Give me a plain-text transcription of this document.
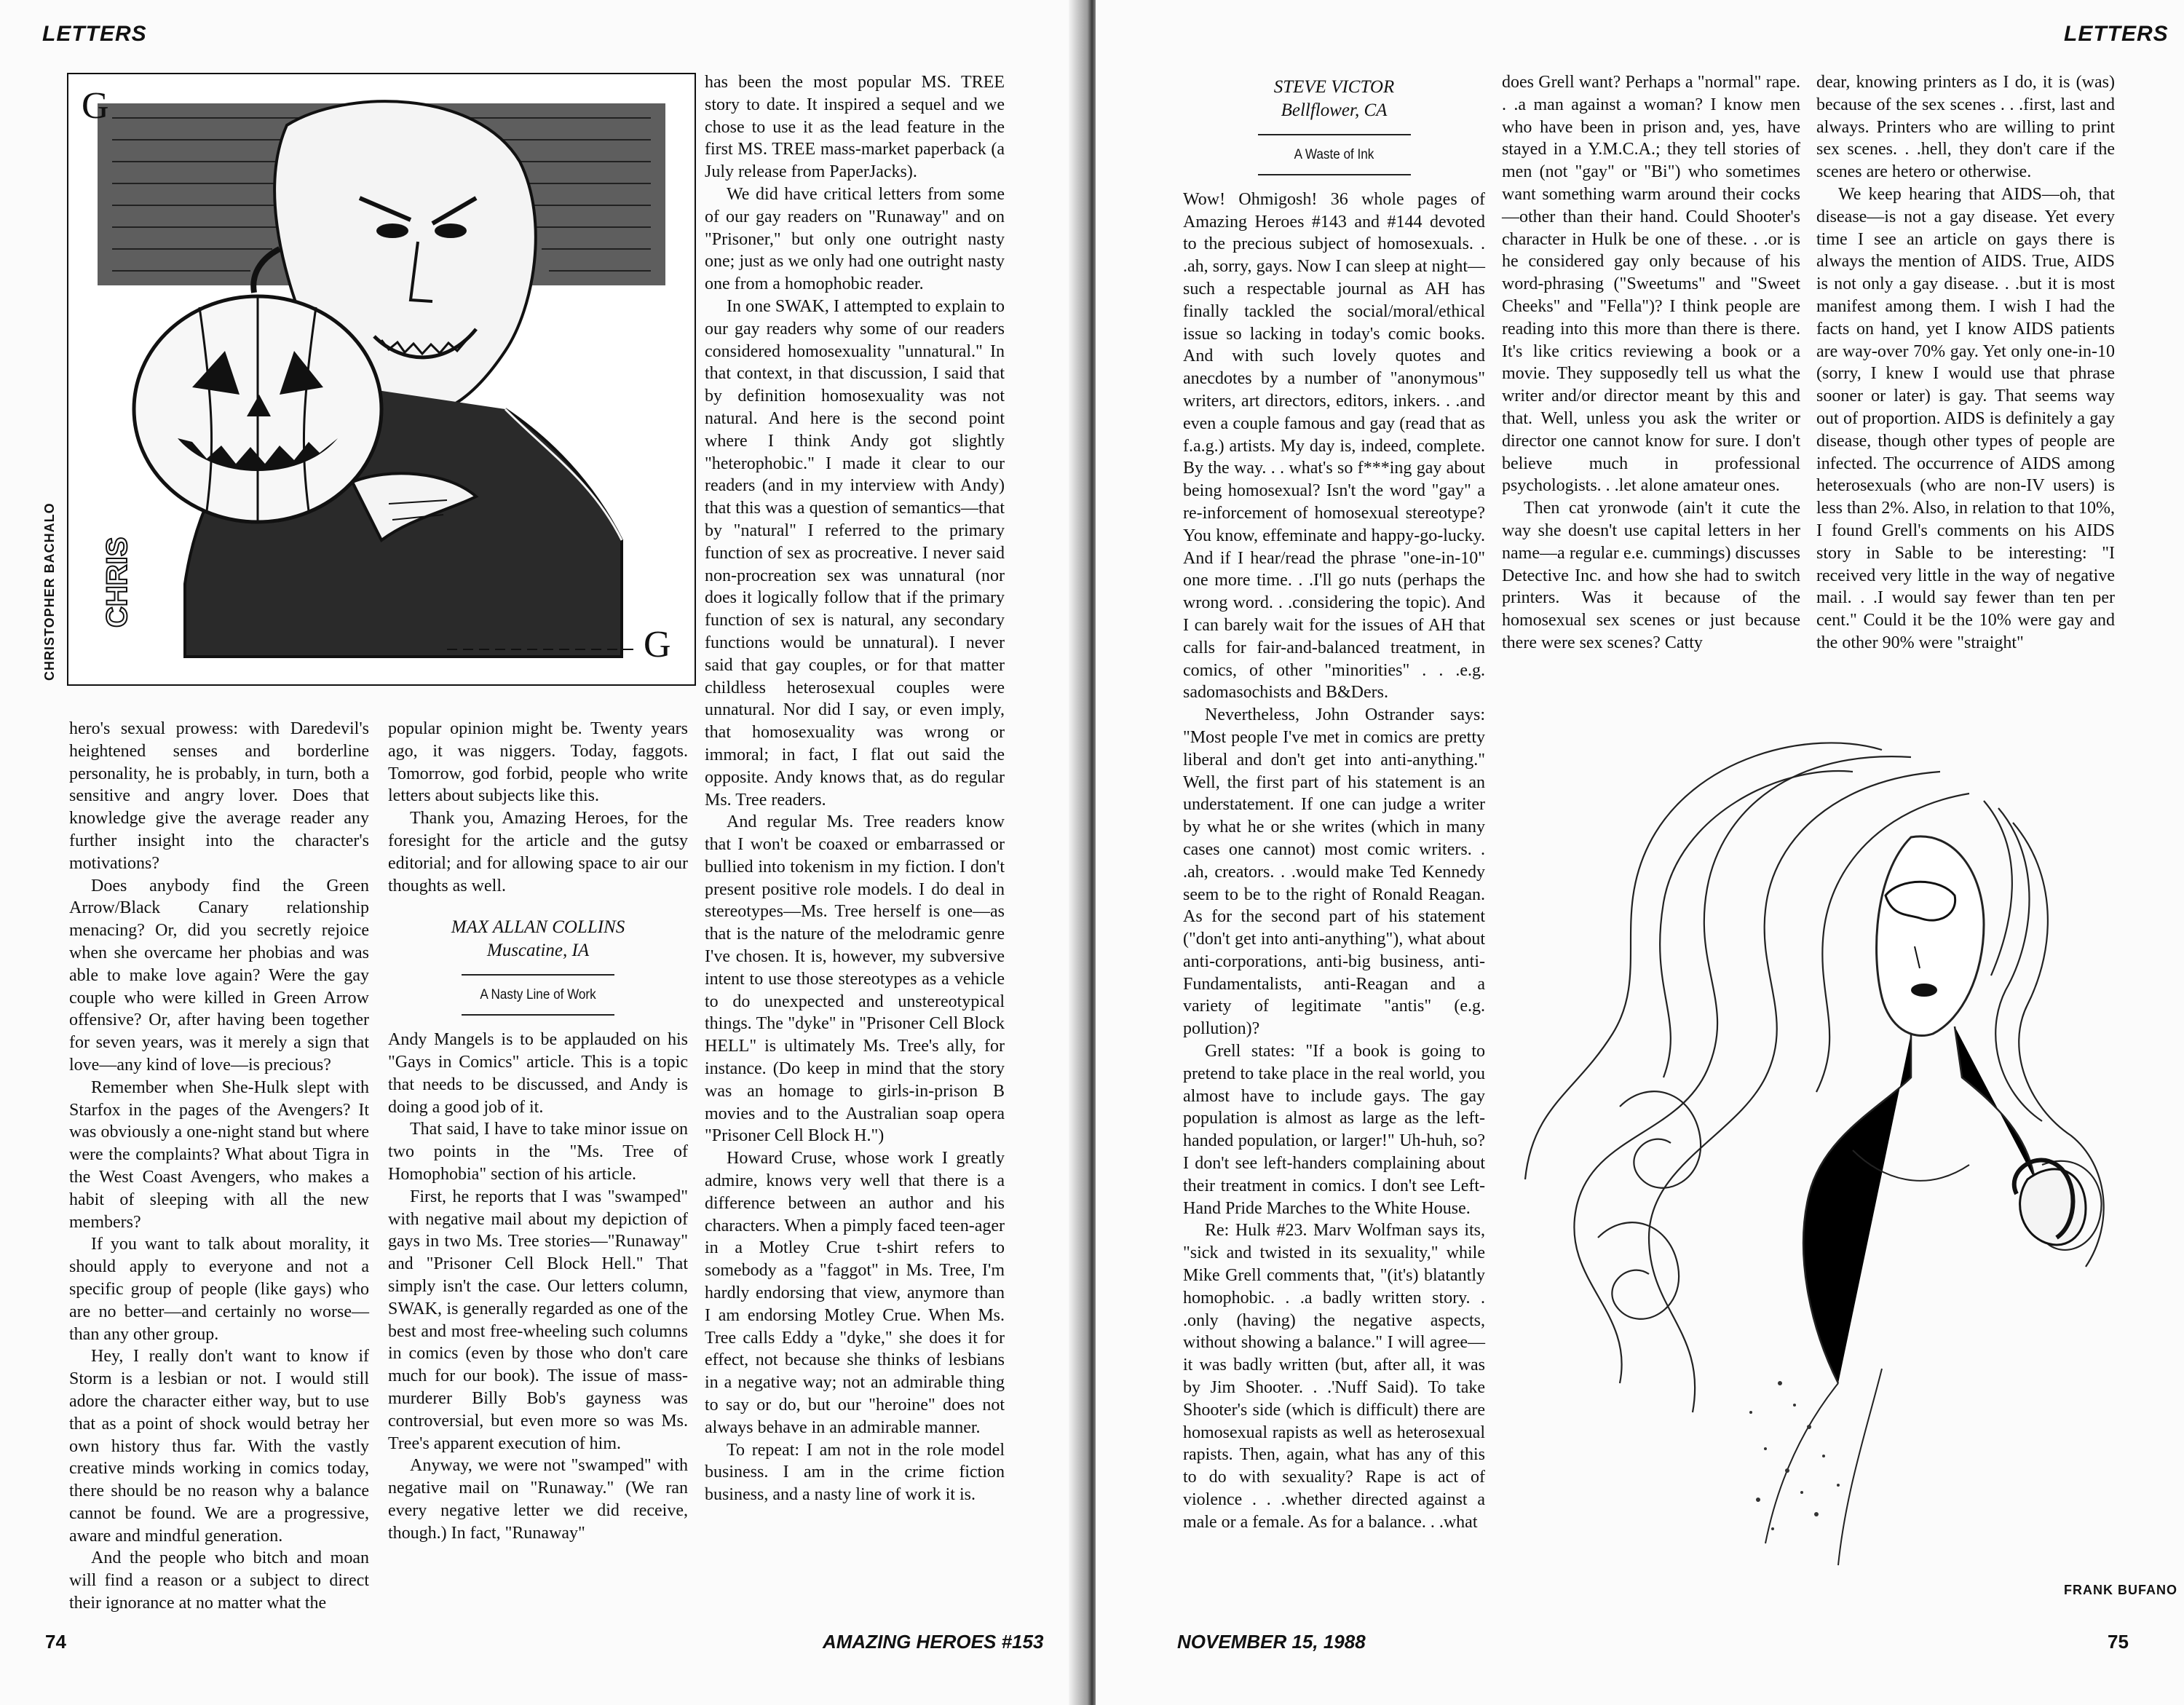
LETTERS
G
G
CHRIS
CHRISTOPHER BACHALO

hero's sexual prowess: with Daredevil's heightened senses and borderline personality, he is probably, in turn, both a sensitive and angry lover. Does that knowledge give the average reader any further insight into the character's motivations?

Does anybody find the Green Arrow/Black Canary relationship menacing? Or, did you secretly rejoice when she overcame her phobias and was able to make love again? Were the gay couple who were killed in Green Arrow offensive? Or, after having been together for seven years, was it merely a sign that love—any kind of love—is precious?

Remember when She-Hulk slept with Starfox in the pages of the Avengers? It was obviously a one-night stand but where were the complaints? What about Tigra in the West Coast Avengers, who makes a habit of sleeping with all the new members?

If you want to talk about morality, it should apply to everyone and not a specific group of people (like gays) who are no better—and certainly no worse—than any other group.

Hey, I really don't want to know if Storm is a lesbian or not. I would still adore the character either way, but to use that as a point of shock would betray her own history thus far. With the vastly creative minds working in comics today, there should be no reason why a balance cannot be found. We are a progressive, aware and mindful generation.

And the people who bitch and moan will find a reason or a subject to direct their ignorance at no matter what the

popular opinion might be. Twenty years ago, it was niggers. Today, faggots. Tomorrow, god forbid, people who write letters about subjects like this.

Thank you, Amazing Heroes, for the foresight for the article and the gutsy editorial; and for allowing space to air our thoughts as well.

MAX ALLAN COLLINS
Muscatine, IA
A Nasty Line of Work

Andy Mangels is to be applauded on his "Gays in Comics" article. This is a topic that needs to be discussed, and Andy is doing a good job of it.

That said, I have to take minor issue on two points in the "Ms. Tree of Homophobia" section of his article.

First, he reports that I was "swamped" with negative mail about my depiction of gays in two Ms. Tree stories—"Runaway" and "Prisoner Cell Block Hell." That simply isn't the case. Our letters column, SWAK, is generally regarded as one of the best and most free-wheeling such columns in comics (even by those who don't care much for our book). The issue of mass-murderer Billy Bob's gayness was controversial, but even more so was Ms. Tree's apparent execution of him.

Anyway, we were not "swamped" with negative mail on "Runaway." (We ran every negative letter we did receive, though.) In fact, "Runaway"

has been the most popular MS. TREE story to date. It inspired a sequel and we chose to use it as the lead feature in the first MS. TREE mass-market paperback (a July release from PaperJacks).

We did have critical letters from some of our gay readers on "Runaway" and on "Prisoner," but only one outright nasty one; just as we only had one outright nasty one from a homophobic reader.

In one SWAK, I attempted to explain to our gay readers why some of our readers considered homosexuality "unnatural." In that context, in that discussion, I said that by definition homosexuality was not natural. And here is the second point where I think Andy got slightly "heterophobic." I made it clear to our readers (and in my interview with Andy) that this was a question of semantics—that by "natural" I referred to the primary function of sex as procreative. I never said non-procreation sex was unnatural (nor does it logically follow that if the primary function of sex is natural, any secondary functions would be unnatural). I never said that gay couples, or for that matter childless heterosexual couples were unnatural. Nor did I say, or even imply, that homosexuality was wrong or immoral; in fact, I flat out said the opposite. Andy knows that, as do regular Ms. Tree readers.

And regular Ms. Tree readers know that I won't be coaxed or embarrassed or bullied into tokenism in my fiction. I don't present positive role models. I do deal in stereotypes—Ms. Tree herself is one—as that is the nature of the melodramic genre I've chosen. It is, however, my subversive intent to use those stereotypes as a vehicle to do unexpected and unstereotypical things. The "dyke" in "Prisoner Cell Block HELL" is ultimately Ms. Tree's ally, for instance. (Do keep in mind that the story was an homage to girls-in-prison B movies and to the Australian soap opera "Prisoner Cell Block H.")

Howard Cruse, whose work I greatly admire, knows very well that there is a difference between an author and his characters. When a pimply faced teen-ager in a Motley Crue t-shirt refers to somebody as a "faggot" in Ms. Tree, I'm hardly endorsing that view, anymore than I am endorsing Motley Crue. When Ms. Tree calls Eddy a "dyke," she does it for effect, not because she thinks of lesbians in a negative way; not an admirable thing to say or do, but our "heroine" does not always behave in an admirable manner.

To repeat: I am not in the role model business. I am in the crime fiction business, and a nasty line of work it is.

74	AMAZING HEROES #153
LETTERS
STEVE VICTOR
Bellflower, CA
A Waste of Ink

Wow! Ohmigosh! 36 whole pages of Amazing Heroes #143 and #144 devoted to the precious subject of homosexuals. . .ah, sorry, gays. Now I can sleep at night—such a respectable journal as AH has finally tackled the social/moral/ethical issue so lacking in today's comic books. And with such lovely quotes and anecdotes by a number of "anonymous" writers, art directors, editors, inkers. . .and even a couple famous and gay (read that as f.a.g.) artists. My day is, indeed, complete. By the way. . . what's so f***ing gay about being homosexual? Isn't the word "gay" a re-inforcement of homosexual stereotype? You know, effeminate and happy-go-lucky. And if I hear/read the phrase "one-in-10" one more time. . .I'll go nuts (perhaps the wrong word. . .considering the topic). And I can barely wait for the issues of AH that calls for fair-and-balanced treatment, in comics, of other "minorities" . . .e.g. sadomasochists and B&Ders.

Nevertheless, John Ostrander says: "Most people I've met in comics are pretty liberal and don't get into anti-anything." Well, the first part of his statement is an understatement. If one can judge a writer by what he or she writes (which in many cases one cannot) most comic writers. . .ah, creators. . .would make Ted Kennedy seem to be to the right of Ronald Reagan. As for the second part of his statement ("don't get into anti-anything"), what about anti-corporations, anti-big business, anti-Fundamentalists, anti-Reagan and a variety of legitimate "antis" (e.g. pollution)?

Grell states: "If a book is going to pretend to take place in the real world, you almost have to include gays. The gay population is almost as large as the left-handed population, or larger!" Uh-huh, so? I don't see left-handers complaining about their treatment in comics. I don't see Left-Hand Pride Marches to the White House.

Re: Hulk #23. Marv Wolfman says its, "sick and twisted in its sexuality," while Mike Grell comments that, "(it's) blatantly homophobic. . .a badly written story. . .only (having) the negative aspects, without showing a balance." I will agree—it was badly written (but, after all, it was by Jim Shooter. . .'Nuff Said). To take Shooter's side (which is difficult) there are homosexual rapists as well as heterosexual rapists. Then, again, what has any of this to do with sexuality? Rape is act of violence . . .whether directed against a male or a female. As for a balance. . .what

does Grell want? Perhaps a "normal" rape. . .a man against a woman? I know men who have been in prison and, yes, have stayed in a Y.M.C.A.; they tell stories of men (not "gay" or "Bi") who sometimes want something warm around their cocks—other than their hand. Could Shooter's character in Hulk be one of these. . .or is he considered gay only because of his word-phrasing ("Sweetums" and "Sweet Cheeks" and "Fella")? I think people are reading into this more than there is there. It's like critics reviewing a book or a movie. They supposedly tell us what the writer and/or director meant by this and that. Well, unless you ask the writer or director one cannot know for sure. I don't believe much in professional psychologists. . .let alone amateur ones.

Then cat yronwode (ain't it cute the way she doesn't use capital letters in her name—a regular e.e. cummings) discusses Detective Inc. and how she had to switch printers. Was it because of the homosexual sex scenes or just because there were sex scenes? Catty

dear, knowing printers as I do, it is (was) because of the sex scenes . . .first, last and always. Printers who are willing to print sex scenes. . .hell, they don't care if the scenes are hetero or otherwise.

We keep hearing that AIDS—oh, that disease—is not a gay disease. Yet every time I see an article on gays there is always the mention of AIDS. True, AIDS is not only a gay disease. . .but it is most manifest among them. I wish I had the facts on hand, yet I know AIDS patients are way-over 70% gay. Yet only one-in-10 (sorry, I knew I would use that phrase sooner or later) is gay. That seems way out of proportion. AIDS is definitely a gay disease, though other types of people are infected. The occurrence of AIDS among heterosexuals (who are non-IV users) is less than 2%. Also, in relation to that 10%, I found Grell's comments on his AIDS story in Sable to be interesting: "I received very little in the way of negative mail. . .I would say fewer than ten per cent." Could it be the 10% were gay and the other 90% were "straight"

FRANK BUFANO
NOVEMBER 15, 1988	75
